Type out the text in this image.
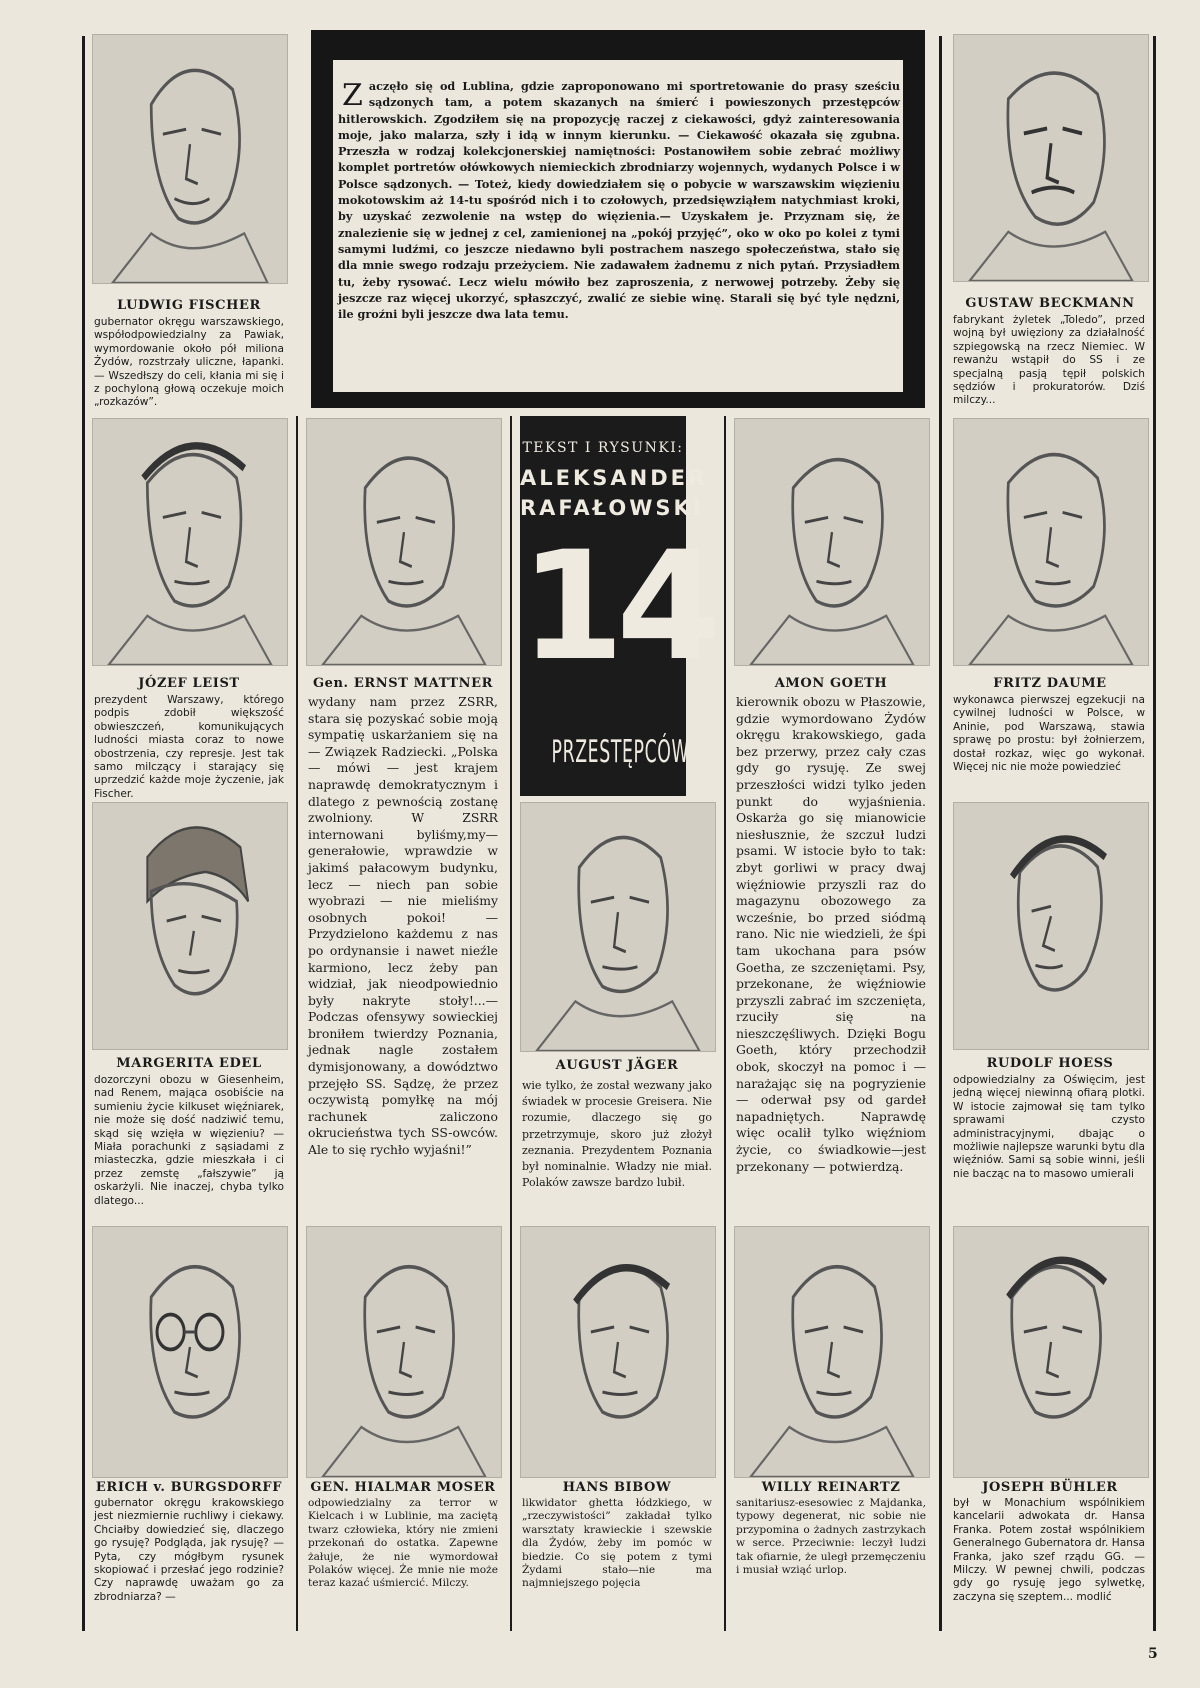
Zaczęło się od Lublina, gdzie zaproponowano mi sportretowanie do prasy sześciu sądzonych tam, a potem skazanych na śmierć i powieszonych przestępców hitlerowskich. Zgodziłem się na propozycję raczej z ciekawości, gdyż zainteresowania moje, jako malarza, szły i idą w innym kierunku. — Ciekawość okazała się zgubna. Przeszła w rodzaj kolekcjonerskiej namiętności: Postanowiłem sobie zebrać możliwy komplet portretów ołówkowych niemieckich zbrodniarzy wojennych, wydanych Polsce i w Polsce sądzonych. — Toteż, kiedy dowiedziałem się o pobycie w warszawskim więzieniu mokotowskim aż 14-tu spośród nich i to czołowych, przedsięwziąłem natychmiast kroki, by uzyskać zezwolenie na wstęp do więzienia.— Uzyskałem je. Przyznam się, że znalezienie się w jednej z cel, zamienionej na „pokój przyjęć”, oko w oko po kolei z tymi samymi ludźmi, co jeszcze niedawno byli postrachem naszego społeczeństwa, stało się dla mnie swego rodzaju przeżyciem. Nie zadawałem żadnemu z nich pytań. Przysiadłem tu, żeby rysować. Lecz wielu mówiło bez zaproszenia, z nerwowej potrzeby. Żeby się jeszcze raz więcej ukorzyć, spłaszczyć, zwalić ze siebie winę. Starali się być tyle nędzni, ile groźni byli jeszcze dwa lata temu.
TEKST I RYSUNKI:
ALEKSANDER
RAFAŁOWSKI
14
PRZESTĘPCÓW
LUDWIG FISCHER	GUSTAW BECKMANN
JÓZEF LEIST	Gen. ERNST MATTNER	AMON GOETH	FRITZ DAUME
MARGERITA EDEL	AUGUST JÄGER	RUDOLF HOESS
ERICH v. BURGSDORFF	GEN. HIALMAR MOSER	HANS BIBOW	WILLY REINARTZ	JOSEPH BÜHLER
gubernator okręgu warszawskiego, współodpowiedzialny za Pawiak, wymordowanie około pół miliona Żydów, rozstrzały uliczne, łapanki. — Wszedłszy do celi, kłania mi się i z pochyloną głową oczekuje moich „rozkazów”.
fabrykant żyletek „Toledo”, przed wojną był uwięziony za działalność szpiegowską na rzecz Niemiec. W rewanżu wstąpił do SS i ze specjalną pasją tępił polskich sędziów i prokuratorów. Dziś milczy...
prezydent Warszawy, którego podpis zdobił większość obwieszczeń, komunikujących ludności miasta coraz to nowe obostrzenia, czy represje. Jest tak samo milczący i starający się uprzedzić każde moje życzenie, jak Fischer.
wydany nam przez ZSRR, stara się pozyskać sobie moją sympatię uskarżaniem się na — Związek Radziecki. „Polska — mówi — jest krajem naprawdę demokratycznym i dlatego z pewnością zostanę zwolniony. W ZSRR internowani byliśmy,my—generałowie, wprawdzie w jakimś pałacowym budynku, lecz — niech pan sobie wyobrazi — nie mieliśmy osobnych pokoi! — Przydzielono każdemu z nas po ordynansie i nawet nieźle karmiono, lecz żeby pan widział, jak nieodpowiednio były nakryte stoły!...— Podczas ofensywy sowieckiej broniłem twierdzy Poznania, jednak nagle zostałem dymisjonowany, a dowództwo przejęło SS. Sądzę, że przez oczywistą pomyłkę na mój rachunek zaliczono okrucieństwa tych SS-owców. Ale to się rychło wyjaśni!”
kierownik obozu w Płaszowie, gdzie wymordowano Żydów okręgu krakowskiego, gada bez przerwy, przez cały czas gdy go rysuję. Ze swej przeszłości widzi tylko jeden punkt do wyjaśnienia. Oskarża go się mianowicie niesłusznie, że szczuł ludzi psami. W istocie było to tak: zbyt gorliwi w pracy dwaj więźniowie przyszli raz do magazynu obozowego za wcześnie, bo przed siódmą rano. Nic nie wiedzieli, że śpi tam ukochana para psów Goetha, ze szczeniętami. Psy, przekonane, że więźniowie przyszli zabrać im szczenięta, rzuciły się na nieszczęśliwych. Dzięki Bogu Goeth, który przechodził obok, skoczył na pomoc i — narażając się na pogryzienie — oderwał psy od gardeł napadniętych. Naprawdę więc ocalił tylko więźniom życie, co świadkowie—jest przekonany — potwierdzą.
wykonawca pierwszej egzekucji na cywilnej ludności w Polsce, w Aninie, pod Warszawą, stawia sprawę po prostu: był żołnierzem, dostał rozkaz, więc go wykonał. Więcej nic nie może powiedzieć
dozorczyni obozu w Giesenheim, nad Renem, mająca osobiście na sumieniu życie kilkuset więźniarek, nie może się dość nadziwić temu, skąd się wzięła w więzieniu? — Miała porachunki z sąsiadami z miasteczka, gdzie mieszkała i ci przez zemstę „fałszywie” ją oskarżyli. Nie inaczej, chyba tylko dlatego...
wie tylko, że został wezwany jako świadek w procesie Greisera. Nie rozumie, dlaczego się go przetrzymuje, skoro już złożył zeznania. Prezydentem Poznania był nominalnie. Władzy nie miał. Polaków zawsze bardzo lubił.
odpowiedzialny za Oświęcim, jest jedną więcej niewinną ofiarą plotki. W istocie zajmował się tam tylko sprawami czysto administracyjnymi, dbając o możliwie najlepsze warunki bytu dla więźniów. Sami są sobie winni, jeśli nie bacząc na to masowo umierali
gubernator okręgu krakowskiego jest niezmiernie ruchliwy i ciekawy. Chciałby dowiedzieć się, dlaczego go rysuję? Podgląda, jak rysuję? — Pyta, czy mógłbym rysunek skopiować i przesłać jego rodzinie? Czy naprawdę uważam go za zbrodniarza? —
odpowiedzialny za terror w Kielcach i w Lublinie, ma zaciętą twarz człowieka, który nie zmieni przekonań do ostatka. Zapewne żałuje, że nie wymordował Polaków więcej. Że mnie nie może teraz kazać uśmiercić. Milczy.
likwidator ghetta łódzkiego, w „rzeczywistości” zakładał tylko warsztaty krawieckie i szewskie dla Żydów, żeby im pomóc w biedzie. Co się potem z tymi Żydami stało—nie ma najmniejszego pojęcia
sanitariusz-esesowiec z Majdanka, typowy degenerat, nic sobie nie przypomina o żadnych zastrzykach w serce. Przeciwnie: leczył ludzi tak ofiarnie, że uległ przemęczeniu i musiał wziąć urlop.
był w Monachium wspólnikiem kancelarii adwokata dr. Hansa Franka. Potem został wspólnikiem Generalnego Gubernatora dr. Hansa Franka, jako szef rządu GG. — Milczy. W pewnej chwili, podczas gdy go rysuję jego sylwetkę, zaczyna się szeptem... modlić
5
